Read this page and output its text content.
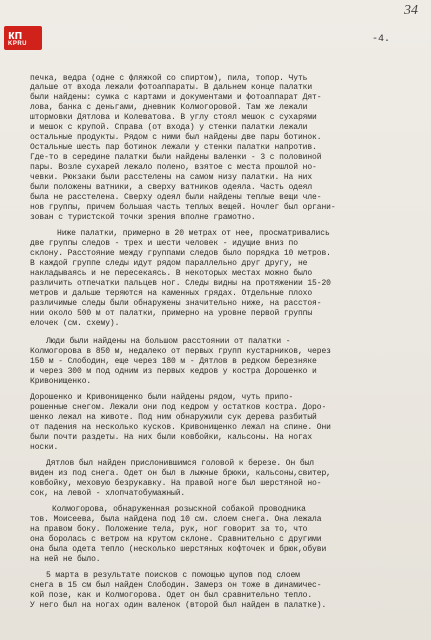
кп
KPRU
34
-4.
печка, ведра (одне с фляжкой со спиртом), пила, топор. Чуть
дальше от входа лежали фотоаппараты. В дальнем конце палатки
были найдены: сумка с картами и документами и фотоаппарат Дят-
лова, банка с деньгами, дневник Колмогоровой. Там же лежали
штормовки Дятлова и Колеватова. В углу стоял мешок с сухарями
и мешок с крупой. Справа (от входа) у стенки палатки лежали
остальные продукты. Рядом с ними был найдены две пары ботинок.
Остальные шесть пар ботинок лежали у стенки палатки напротив.
Где-то в середине палатки были найдены валенки - 3 с половиной
пары. Возле сухарей лежало полено, взятое с места прошлой но-
чевки. Рюкзаки были расстелены на самом низу палатки. На них
были положены ватники, а сверху ватников одеяла. Часть одеял
была не расстелена. Сверху одеял были найдены теплые вещи чле-
нов группы, причем большая часть теплых вещей. Ночлег был органи-
зован с туристской точки зрения вполне грамотно.
Ниже палатки, примерно в 20 метрах от нее, просматривались
две группы следов - трех и шести человек - идущие вниз по
склону. Расстояние между группами следов было порядка 10 метров.
В каждой группе следы идут рядом параллельно друг другу, не
накладываясь и не пересекаясь. В некоторых местах можно было
различить отпечатки пальцев ног. Следы видны на протяжении 15-20
метров и дальше теряются на каменных грядах. Отдельные плохо
различимые следы были обнаружены значительно ниже, на расстоя-
нии около 500 м от палатки, примерно на уровне первой группы
елочек (см. схему).
Люди были найдены на большом расстоянии от палатки -
Колмогорова в 850 м, недалеко от первых групп кустарников, через
150 м - Слободин, еще через 180 м - Дятлов в редком березняке
и через 300 м под одним из первых кедров у костра Дорошенко и
Кривонищенко.
Дорошенко и Кривонищенко были найдены рядом, чуть припо-
рошенные снегом. Лежали они под кедром у остатков костра. Доро-
шенко лежал на животе. Под ним обнаружили сук дерева разбитый
от падения на несколько кусков. Кривонищенко лежал на спине. Они
были почти раздеты. На них были ковбойки, кальсоны. На ногах
носки.
Дятлов был найден прислонившимся головой к березе. Он был
виден из под снега. Одет он был в лыжные брюки, кальсоны,свитер,
ковбойку, меховую безрукавку. На правой ноге был шерстяной но-
сок, на левой - хлопчатобумажный.
Колмогорова, обнаруженная розыскной собакой проводника
тов. Моисеева, была найдена под 10 см. слоем снега. Она лежала
на правом боку. Положение тела, рук, ног говорит за то, что
она боролась с ветром на крутом склоне. Сравнительно с другими
она была одета тепло (несколько шерстяных кофточек и брюк,обуви
на ней не было.
5 марта в результате поисков с помощью щупов под слоем
снега в 15 см был найден Слободин. Замерз он тоже в динамичес-
кой позе, как и Колмогорова. Одет он был сравнительно тепло.
У него был на ногах один валенок (второй был найден в палатке).
